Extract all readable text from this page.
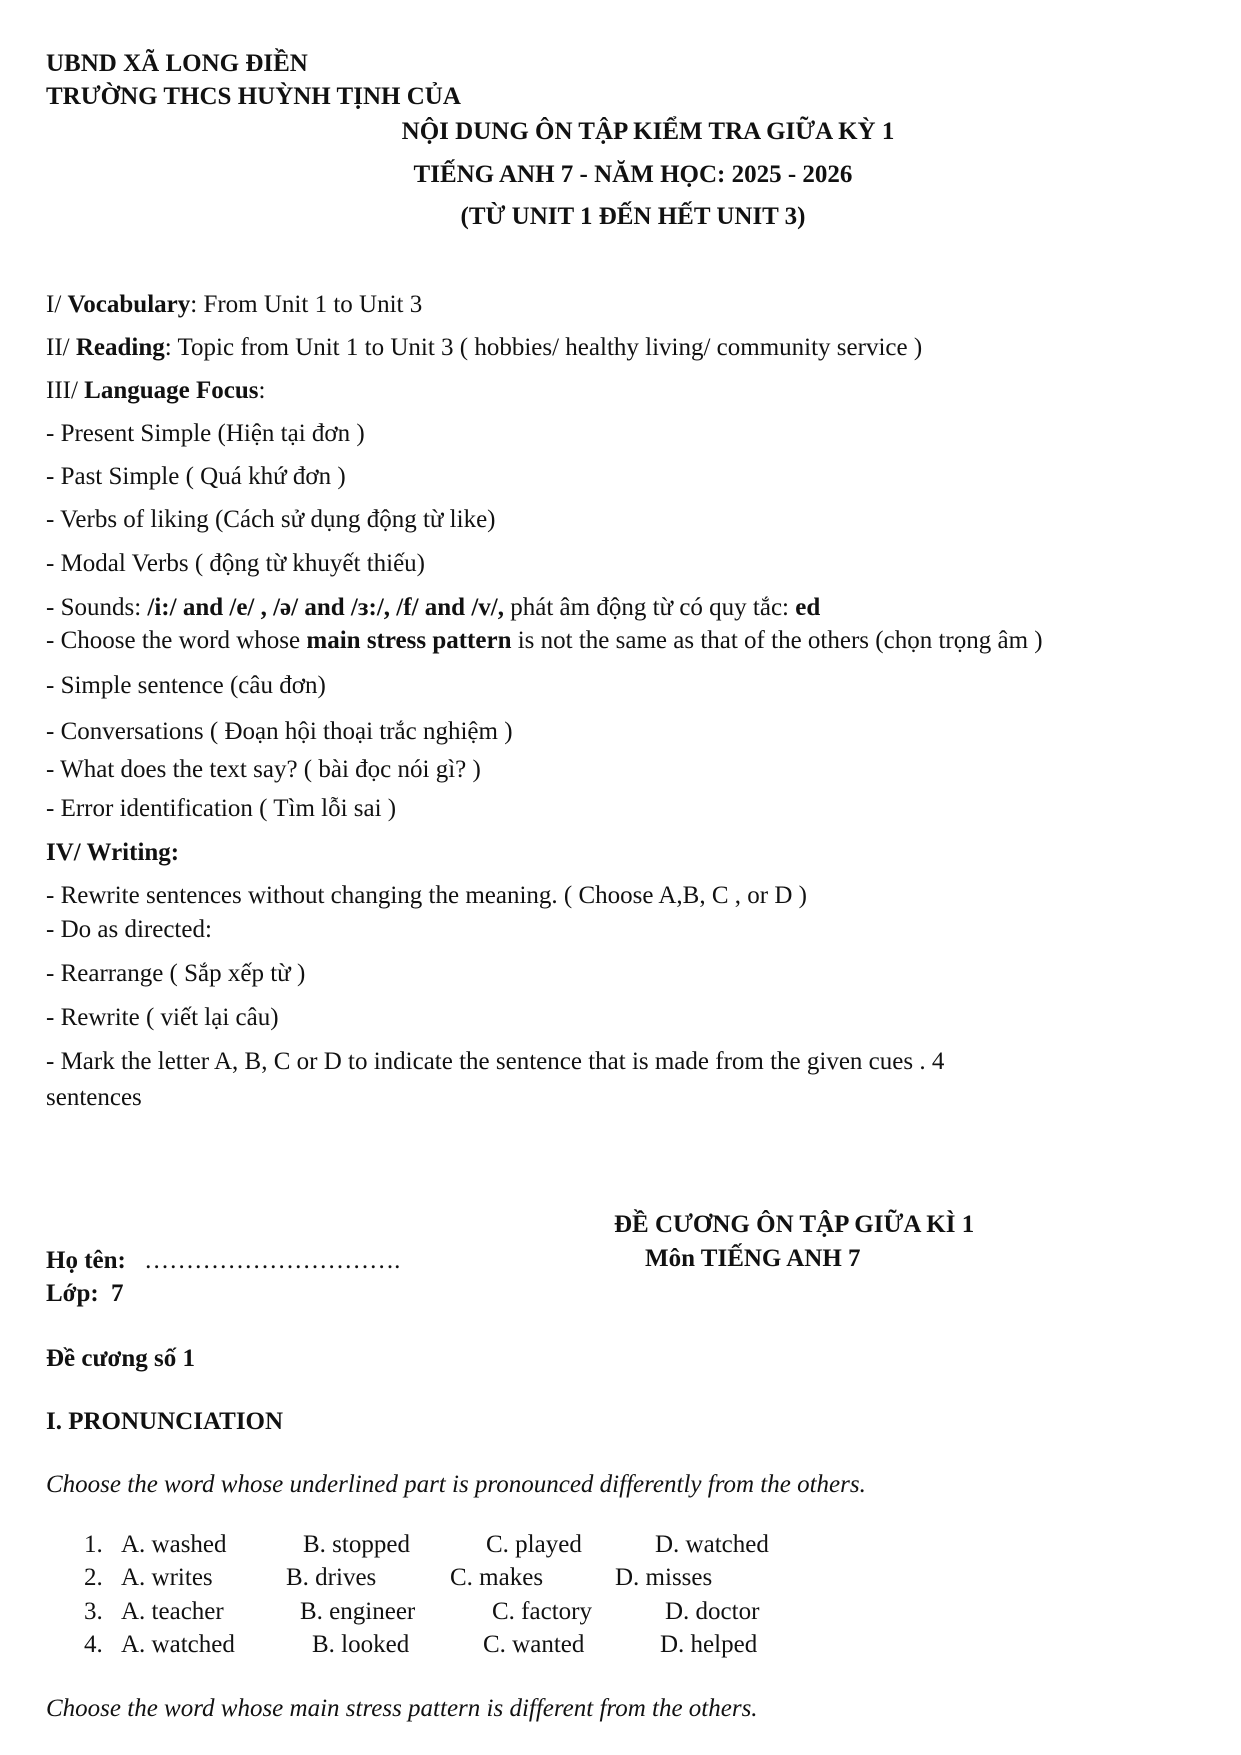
UBND XÃ LONG ĐIỀN
TRƯỜNG THCS HUỲNH TỊNH CỦA
NỘI DUNG ÔN TẬP KIỂM TRA GIỮA KỲ 1
TIẾNG ANH 7 - NĂM HỌC: 2025 - 2026
(TỪ UNIT 1 ĐẾN HẾT UNIT 3)
I/ Vocabulary: From Unit 1 to Unit 3
II/ Reading: Topic from Unit 1 to Unit 3 ( hobbies/ healthy living/ community service )
III/ Language Focus:
- Present Simple (Hiện tại đơn )
- Past Simple ( Quá khứ đơn )
- Verbs of liking (Cách sử dụng động từ like)
- Modal Verbs ( động từ khuyết thiếu)
- Sounds: /i:/ and /e/ , /ə/ and /ɜ:/, /f/ and /v/, phát âm động từ có quy tắc: ed
- Choose the word whose main stress pattern is not the same as that of the others (chọn trọng âm )
- Simple sentence (câu đơn)
- Conversations ( Đoạn hội thoại trắc nghiệm )
- What does the text say? ( bài đọc nói gì? )
- Error identification ( Tìm lỗi sai )
IV/ Writing:
- Rewrite sentences without changing the meaning. ( Choose A,B, C , or D )
- Do as directed:
- Rearrange ( Sắp xếp từ )
- Rewrite ( viết lại câu)
- Mark the letter A, B, C or D to indicate the sentence that is made from the given cues . 4
sentences
ĐỀ CƯƠNG ÔN TẬP GIỮA KÌ 1
Môn TIẾNG ANH 7
Họ tên: ………………………….
Lớp: 7
Đề cương số 1
I. PRONUNCIATION
Choose the word whose underlined part is pronounced differently from the others.
1. A. washed	B. stopped	C. played	D. watched
2. A. writes	B. drives	C. makes	D. misses
3. A. teacher	B. engineer	C. factory	D. doctor
4. A. watched	B. looked	C. wanted	D. helped
Choose the word whose main stress pattern is different from the others.
